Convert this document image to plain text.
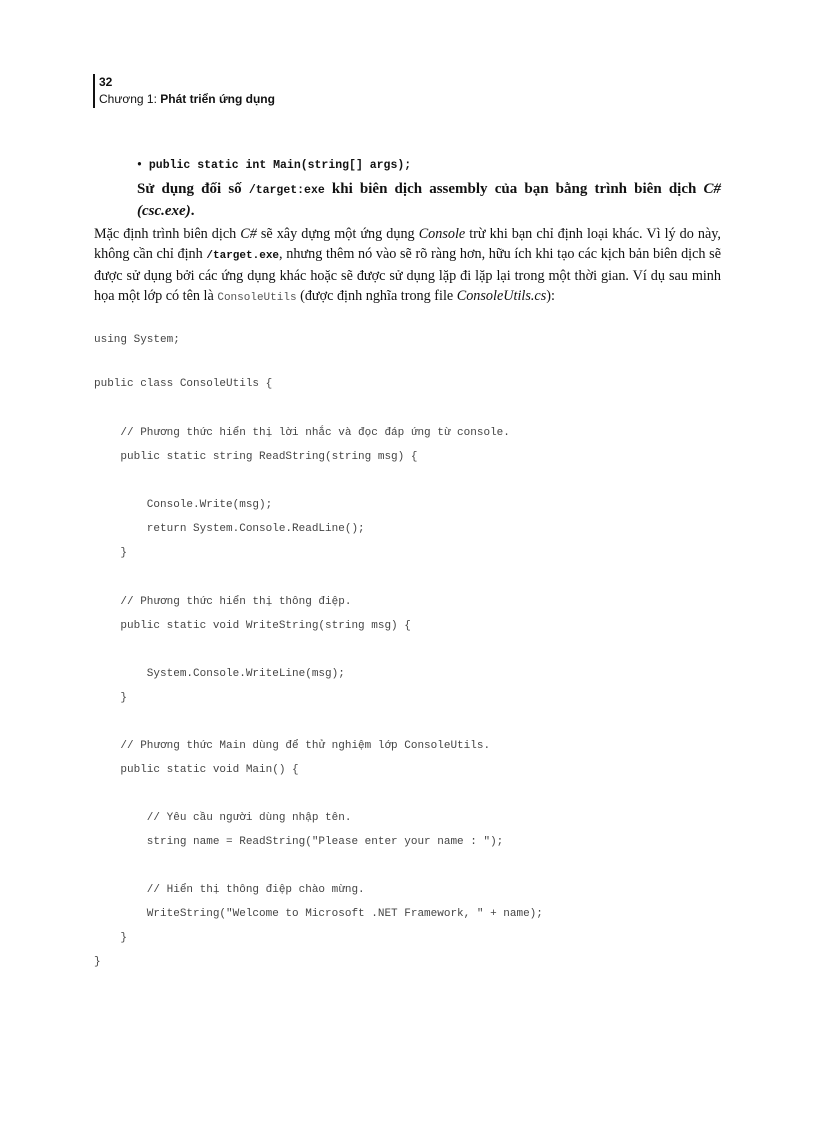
32
Chương 1: Phát triển ứng dụng
• public static int Main(string[] args);
Sử dụng đối số /target:exe khi biên dịch assembly của bạn bằng trình biên dịch C# (csc.exe).
Mặc định trình biên dịch C# sẽ xây dựng một ứng dụng Console trừ khi bạn chỉ định loại khác. Vì lý do này, không cần chỉ định /target.exe, nhưng thêm nó vào sẽ rõ ràng hơn, hữu ích khi tạo các kịch bản biên dịch sẽ được sử dụng bởi các ứng dụng khác hoặc sẽ được sử dụng lặp đi lặp lại trong một thời gian. Ví dụ sau minh họa một lớp có tên là ConsoleUtils (được định nghĩa trong file ConsoleUtils.cs):
using System;
public class ConsoleUtils {
// Phương thức hiển thị lời nhắc và đọc đáp ứng từ console.
public static string ReadString(string msg) {
Console.Write(msg);
return System.Console.ReadLine();
}
// Phương thức hiển thị thông điệp.
public static void WriteString(string msg) {
System.Console.WriteLine(msg);
}
// Phương thức Main dùng để thử nghiệm lớp ConsoleUtils.
public static void Main() {
// Yêu cầu người dùng nhập tên.
string name = ReadString("Please enter your name : ");
// Hiển thị thông điệp chào mừng.
WriteString("Welcome to Microsoft .NET Framework, " + name);
}
}
